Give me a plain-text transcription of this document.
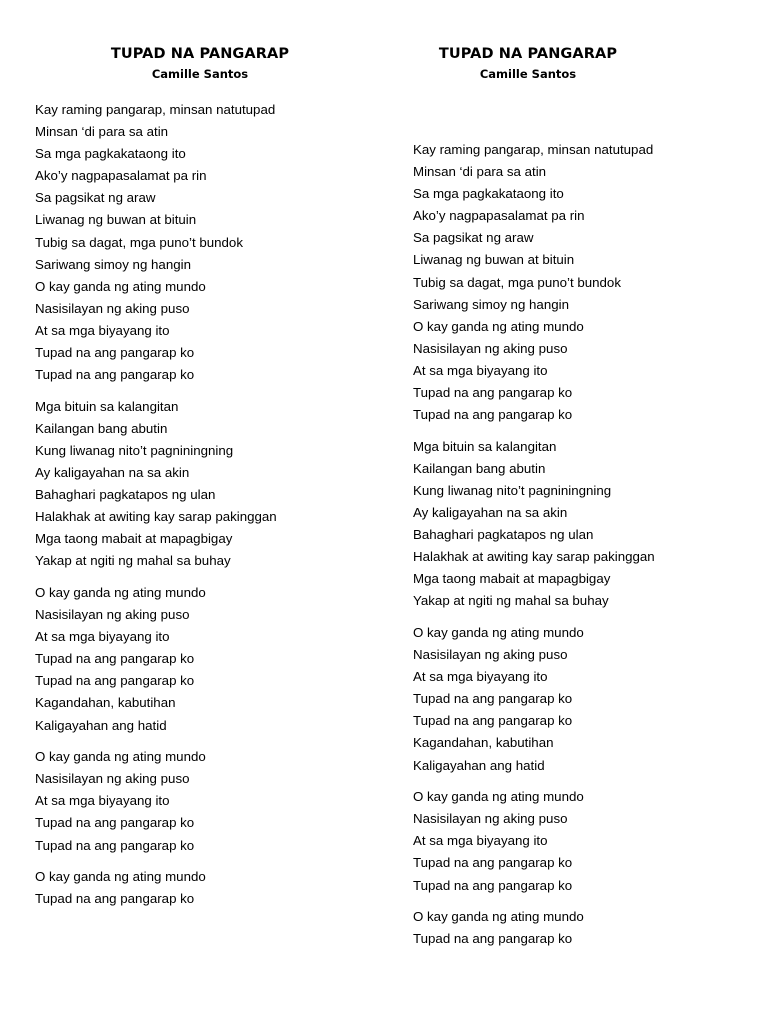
TUPAD NA PANGARAP
Camille Santos
Kay raming pangarap, minsan natutupad
Minsan ‘di para sa atin
Sa mga pagkakataong ito
Ako’y nagpapasalamat pa rin
Sa pagsikat ng araw
Liwanag ng buwan at bituin
Tubig sa dagat, mga puno’t bundok
Sariwang simoy ng hangin
O kay ganda ng ating mundo
Nasisilayan ng aking puso
At sa mga biyayang ito
Tupad na ang pangarap ko
Tupad na ang pangarap ko
Mga bituin sa kalangitan
Kailangan bang abutin
Kung liwanag nito’t pagniningning
Ay kaligayahan na sa akin
Bahaghari pagkatapos ng ulan
Halakhak at awiting kay sarap pakinggan
Mga taong mabait at mapagbigay
Yakap at ngiti ng mahal sa buhay
O kay ganda ng ating mundo
Nasisilayan ng aking puso
At sa mga biyayang ito
Tupad na ang pangarap ko
Tupad na ang pangarap ko
Kagandahan, kabutihan
Kaligayahan ang hatid
O kay ganda ng ating mundo
Nasisilayan ng aking puso
At sa mga biyayang ito
Tupad na ang pangarap ko
Tupad na ang pangarap ko
O kay ganda ng ating mundo
Tupad na ang pangarap ko
TUPAD NA PANGARAP
Camille Santos
Kay raming pangarap, minsan natutupad
Minsan ‘di para sa atin
Sa mga pagkakataong ito
Ako’y nagpapasalamat pa rin
Sa pagsikat ng araw
Liwanag ng buwan at bituin
Tubig sa dagat, mga puno’t bundok
Sariwang simoy ng hangin
O kay ganda ng ating mundo
Nasisilayan ng aking puso
At sa mga biyayang ito
Tupad na ang pangarap ko
Tupad na ang pangarap ko
Mga bituin sa kalangitan
Kailangan bang abutin
Kung liwanag nito’t pagniningning
Ay kaligayahan na sa akin
Bahaghari pagkatapos ng ulan
Halakhak at awiting kay sarap pakinggan
Mga taong mabait at mapagbigay
Yakap at ngiti ng mahal sa buhay
O kay ganda ng ating mundo
Nasisilayan ng aking puso
At sa mga biyayang ito
Tupad na ang pangarap ko
Tupad na ang pangarap ko
Kagandahan, kabutihan
Kaligayahan ang hatid
O kay ganda ng ating mundo
Nasisilayan ng aking puso
At sa mga biyayang ito
Tupad na ang pangarap ko
Tupad na ang pangarap ko
O kay ganda ng ating mundo
Tupad na ang pangarap ko
